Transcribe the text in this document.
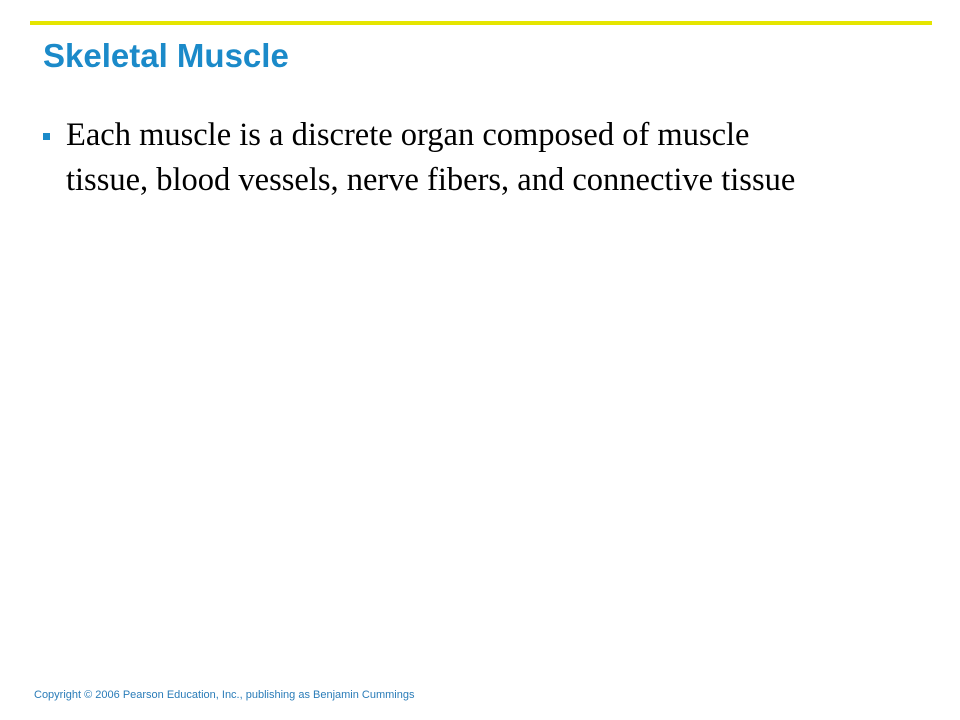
Skeletal Muscle
Each muscle is a discrete organ composed of muscle tissue, blood vessels, nerve fibers, and connective tissue

Copyright © 2006 Pearson Education, Inc., publishing as Benjamin Cummings
